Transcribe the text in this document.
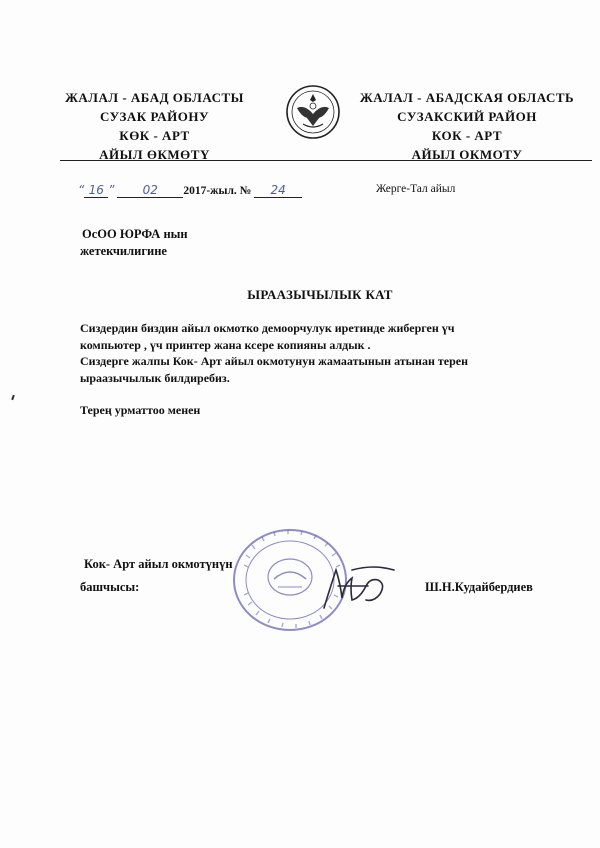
ЖАЛАЛ - АБАД ОБЛАСТЫ
СУЗАК РАЙОНУ
КӨК - АРТ
АЙЫЛ ӨКМӨТҮ
ЖАЛАЛ - АБАДСКАЯ ОБЛАСТЬ
СУЗАКСКИЙ РАЙОН
КОК - АРТ
АЙЫЛ ОКМОТУ
“ 16 ” 02 2017-жыл. № 24	Жерге-Тал айыл
ОсОО ЮРФА нын
жетекчилигине
ЫРААЗЫЧЫЛЫК КАТ
Сиздердин биздин айыл окмотко демоорчулук иретинде жиберген үч
компьютер , үч принтер жана ксере копияны алдык .
Сиздерге жалпы Кок- Арт айыл окмотунун жамаатынын атынан терен
ыраазычылык билдиребиз.
Терең урматтоо менен
Кок- Арт айыл окмотүнүн
башчысы:	Ш.Н.Кудайбердиев
